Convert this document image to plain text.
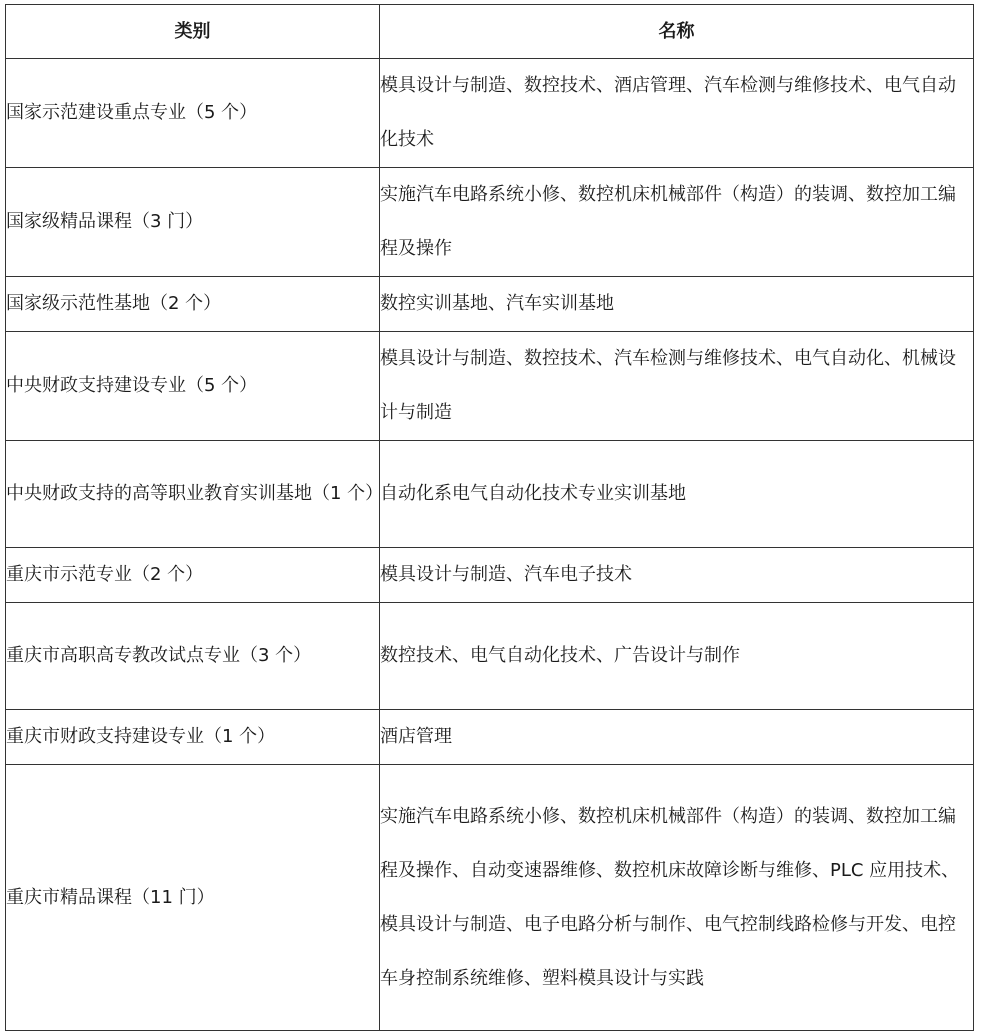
类别	名称
国家示范建设重点专业（5 个）	模具设计与制造、数控技术、酒店管理、汽车检测与维修技术、电气自动化技术
国家级精品课程（3 门）	实施汽车电路系统小修、数控机床机械部件（构造）的装调、数控加工编程及操作
国家级示范性基地（2 个）	数控实训基地、汽车实训基地
中央财政支持建设专业（5 个）	模具设计与制造、数控技术、汽车检测与维修技术、电气自动化、机械设计与制造
中央财政支持的高等职业教育实训基地（1 个）	自动化系电气自动化技术专业实训基地
重庆市示范专业（2 个）	模具设计与制造、汽车电子技术
重庆市高职高专教改试点专业（3 个）	数控技术、电气自动化技术、广告设计与制作
重庆市财政支持建设专业（1 个）	酒店管理
重庆市精品课程（11 门）	实施汽车电路系统小修、数控机床机械部件（构造）的装调、数控加工编程及操作、自动变速器维修、数控机床故障诊断与维修、PLC 应用技术、模具设计与制造、电子电路分析与制作、电气控制线路检修与开发、电控车身控制系统维修、塑料模具设计与实践
